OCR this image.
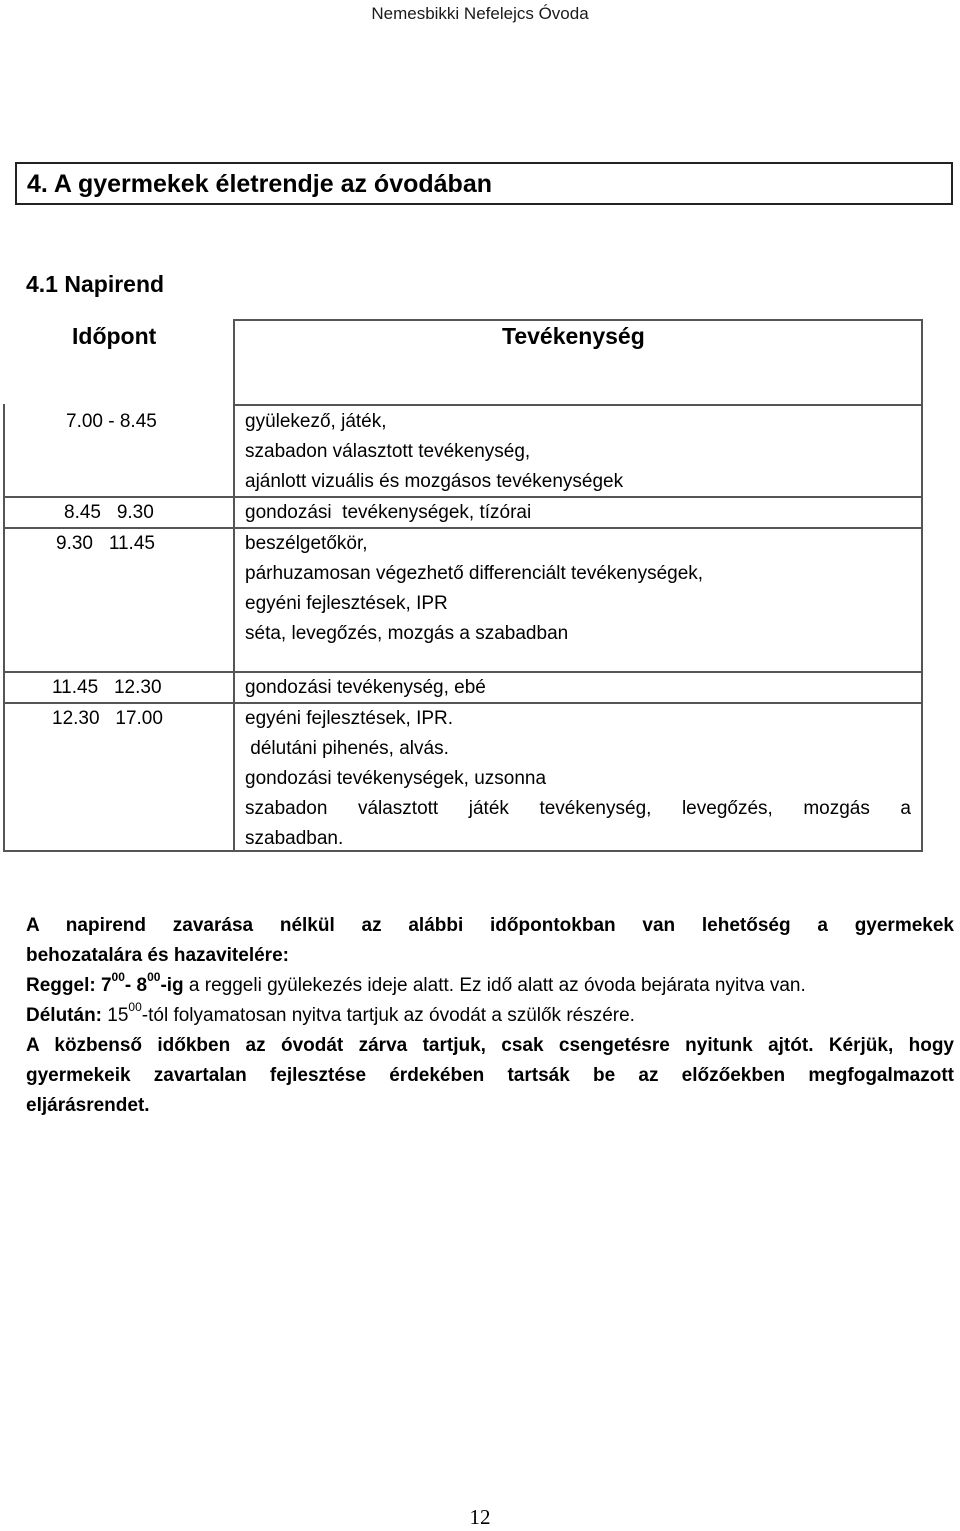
Nemesbikki Nefelejcs Óvoda
4. A gyermekek életrendje az óvodában
4.1 Napirend
Időpont	Tevékenység
7.00 - 8.45	gyülekező, játék,
szabadon választott tevékenység,
ajánlott vizuális és mozgásos tevékenységek
8.45   9.30	gondozási  tevékenységek, tízórai
9.30   11.45	beszélgetőkör,
párhuzamosan végezhető differenciált tevékenységek,
egyéni fejlesztések, IPR
séta, levegőzés, mozgás a szabadban
11.45   12.30	gondozási tevékenység, ebé
12.30   17.00	egyéni fejlesztések, IPR.
délutáni pihenés, alvás.
gondozási tevékenységek, uzsonna
szabadon választott játék tevékenység, levegőzés, mozgás a
szabadban.
A napirend zavarása nélkül az alábbi időpontokban van lehetőség a gyermekek
behozatalára és hazavitelére:
Reggel: $7^{00}-$ $8^{00}-ig$ a reggeli gyülekezés ideje alatt. Ez idő alatt az óvoda bejárata nyitva van.
Délután: $15^{00}$-tól folyamatosan nyitva tartjuk az óvodát a szülők részére.
A közbenső időkben az óvodát zárva tartjuk, csak csengetésre nyitunk ajtót. Kérjük, hogy
gyermekeik zavartalan fejlesztése érdekében tartsák be az előzőekben megfogalmazott
eljárásrendet.
12
